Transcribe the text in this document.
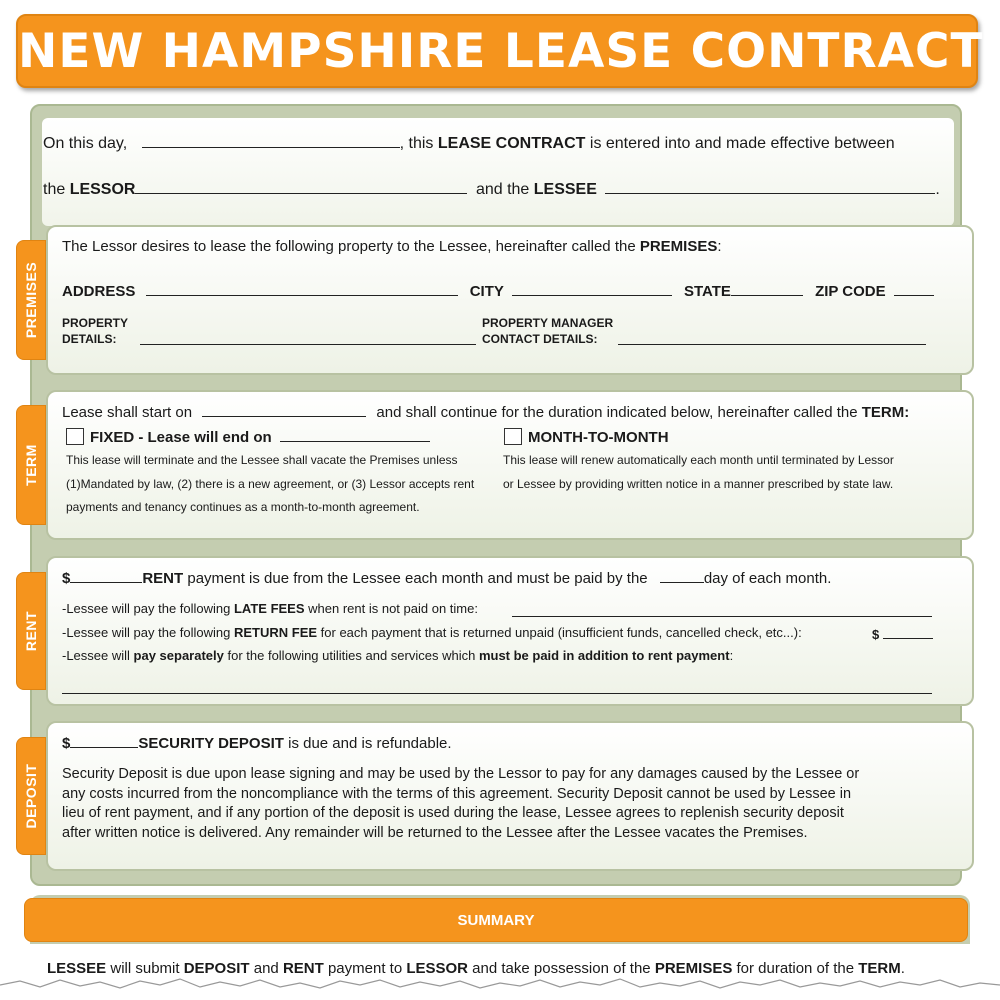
NEW HAMPSHIRE LEASE CONTRACT
On this day,	, this LEASE CONTRACT is entered into and made effective between
the LESSOR	and the LESSEE	.
PREMISES
The Lessor desires to lease the following property to the Lessee, hereinafter called the PREMISES:
ADDRESS	CITY	STATE	ZIP CODE
PROPERTY
DETAILS:
PROPERTY MANAGER
CONTACT DETAILS:
TERM
Lease shall start on	and shall continue for the duration indicated below, hereinafter called the TERM:
FIXED - Lease will end on
This lease will terminate and the Lessee shall vacate the Premises unless
(1)Mandated by law, (2) there is a new agreement, or (3) Lessor accepts rent
payments and tenancy continues as a month-to-month agreement.
MONTH-TO-MONTH
This lease will renew automatically each month until terminated by Lessor
or Lessee by providing written notice in a manner prescribed by state law.
RENT
$	RENT payment is due from the Lessee each month and must be paid by the	day of each month.
-Lessee will pay the following LATE FEES when rent is not paid on time:
-Lessee will pay the following RETURN FEE for each payment that is returned unpaid (insufficient funds, cancelled check, etc...):	$
-Lessee will pay separately for the following utilities and services which must be paid in addition to rent payment:
DEPOSIT
$	SECURITY DEPOSIT is due and is refundable.
Security Deposit is due upon lease signing and may be used by the Lessor to pay for any damages caused by the Lessee or
any costs incurred from the noncompliance with the terms of this agreement. Security Deposit cannot be used by Lessee in
lieu of rent payment, and if any portion of the deposit is used during the lease, Lessee agrees to replenish security deposit
after written notice is delivered. Any remainder will be returned to the Lessee after the Lessee vacates the Premises.
SUMMARY
LESSEE will submit DEPOSIT and RENT payment to LESSOR and take possession of the PREMISES for duration of the TERM.
